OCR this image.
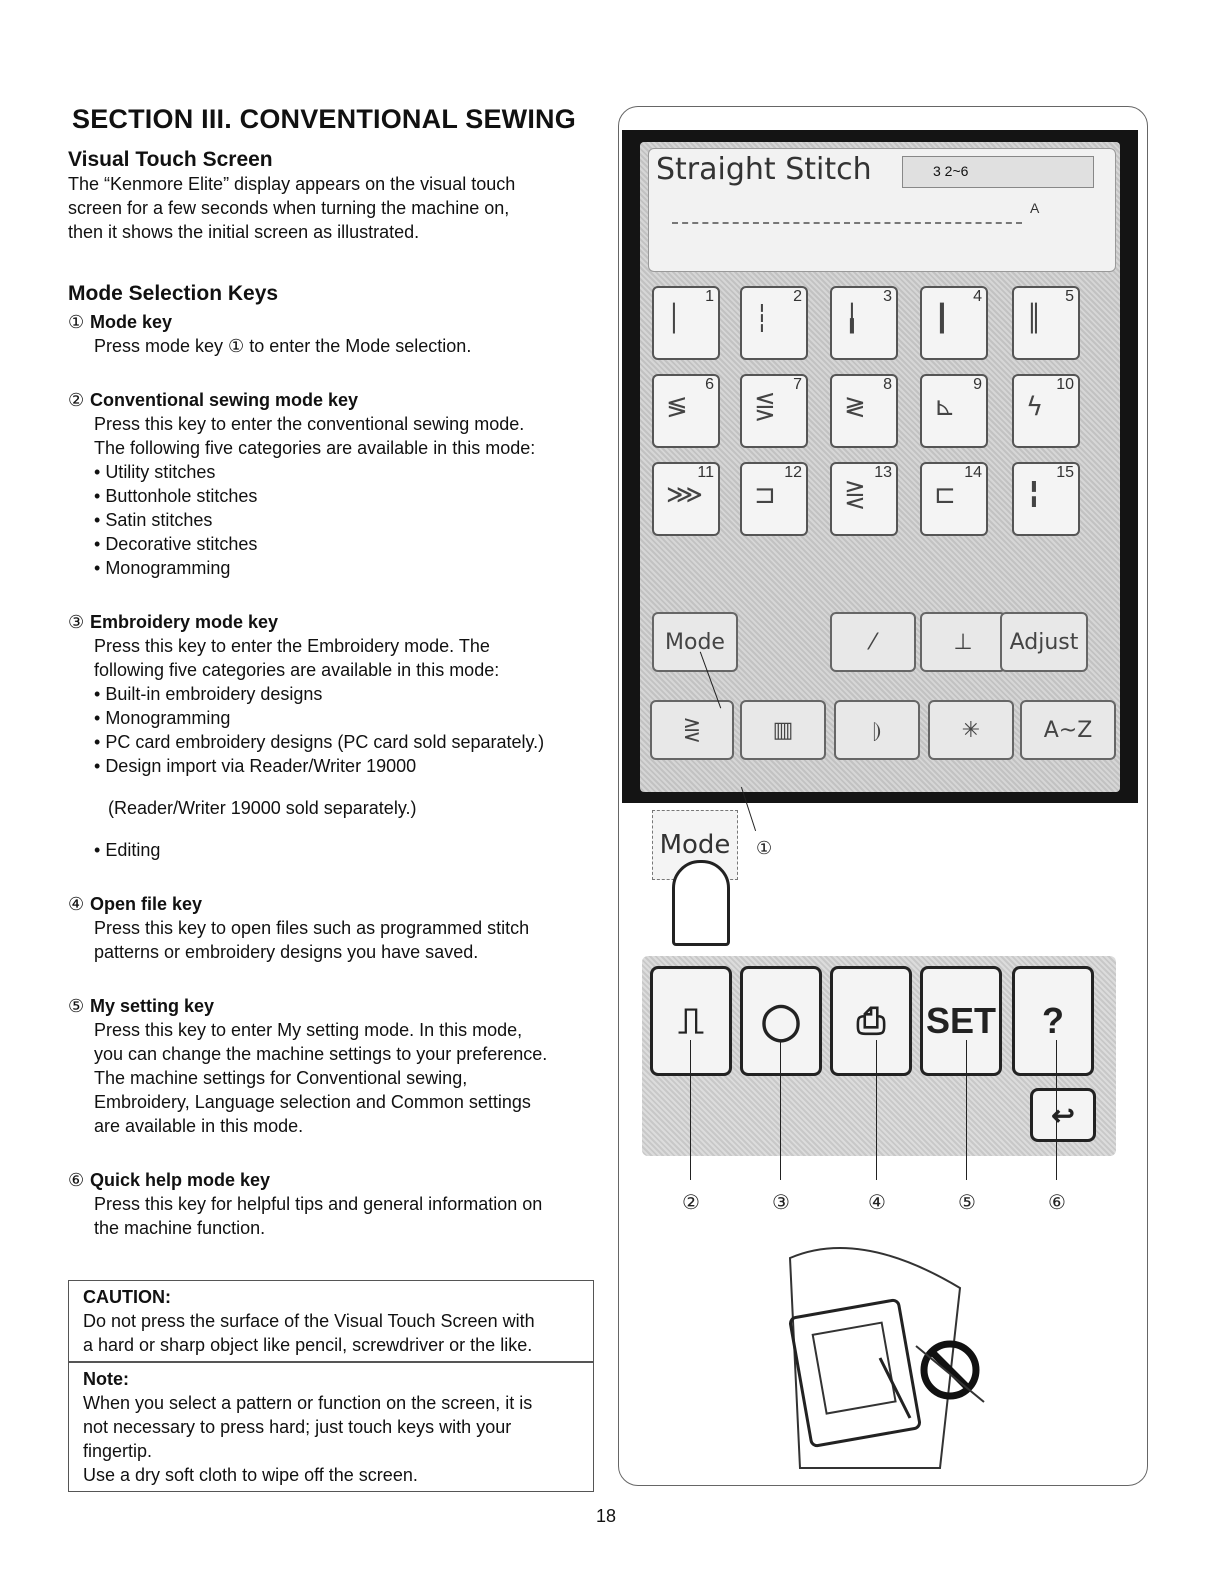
SECTION III. CONVENTIONAL SEWING

Visual Touch Screen

The “Kenmore Elite” display appears on the visual touch

screen for a few seconds when turning the machine on,

then it shows the initial screen as illustrated.

Mode Selection Keys

① Mode key

Press mode key ① to enter the Mode selection.

② Conventional sewing mode key

Press this key to enter the conventional sewing mode.

The following five categories are available in this mode:

• Utility stitches
• Buttonhole stitches
• Satin stitches
• Decorative stitches
• Monogramming

③ Embroidery mode key

Press this key to enter the Embroidery mode. The

following five categories are available in this mode:

• Built-in embroidery designs
• Monogramming
• PC card embroidery designs (PC card sold separately.)
• Design import via Reader/Writer 19000

(Reader/Writer 19000 sold separately.)

• Editing

④ Open file key

Press this key to open files such as programmed stitch

patterns or embroidery designs you have saved.

⑤ My setting key

Press this key to enter My setting mode. In this mode,

you can change the machine settings to your preference.

The machine settings for Conventional sewing,

Embroidery, Language selection and Common settings

are available in this mode.

⑥ Quick help mode key

Press this key for helpful tips and general information on

the machine function.

CAUTION:
Do not press the surface of the Visual Touch Screen with
a hard or sharp object like pencil, screwdriver or the like.
Note:
When you select a pattern or function on the screen, it is
not necessary to press hard; just touch keys with your
fingertip.
Use a dry soft cloth to wipe off the screen.
Straight Stitch	3 2~6
A
1
│
2
┆
3
╽
4
┃
5
║
6
≶
7
⋚
8
≷
9
⊾
10
ϟ
11
⋙
12
⊐
13
⋛
14
⊏
15
╏
Mode	⁄	⊥ Adjust
⋛	▥	⦈	✳	A~Z
Mode ①
⎍ ◯ ⎙ SET ?
↩
②	③	④	⑤	⑥
18
